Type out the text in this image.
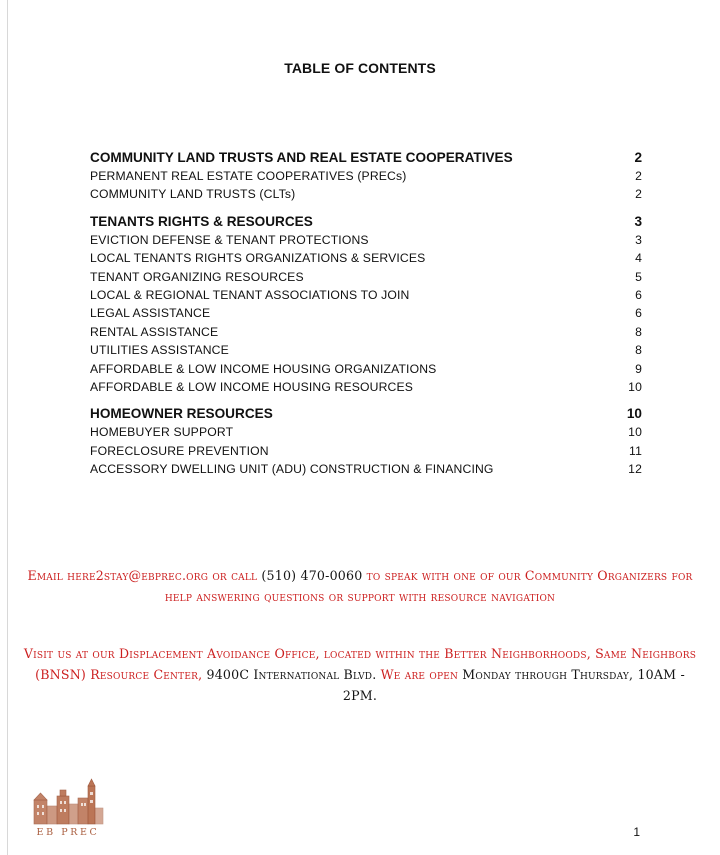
TABLE OF CONTENTS
COMMUNITY LAND TRUSTS AND REAL ESTATE COOPERATIVES	2
PERMANENT REAL ESTATE COOPERATIVES (PRECs)	2
COMMUNITY LAND TRUSTS (CLTs)	2
TENANTS RIGHTS & RESOURCES	3
EVICTION DEFENSE & TENANT PROTECTIONS	3
LOCAL TENANTS RIGHTS ORGANIZATIONS & SERVICES	4
TENANT ORGANIZING RESOURCES	5
LOCAL & REGIONAL TENANT ASSOCIATIONS TO JOIN	6
LEGAL ASSISTANCE	6
RENTAL ASSISTANCE	8
UTILITIES ASSISTANCE	8
AFFORDABLE & LOW INCOME HOUSING ORGANIZATIONS	9
AFFORDABLE & LOW INCOME HOUSING RESOURCES	10
HOMEOWNER RESOURCES	10
HOMEBUYER SUPPORT	10
FORECLOSURE PREVENTION	11
ACCESSORY DWELLING UNIT (ADU) CONSTRUCTION & FINANCING	12
Email here2stay@ebprec.org or call (510) 470-0060 to speak with one of our Community Organizers for help answering questions or support with resource navigation
Visit us at our Displacement Avoidance Office, located within the Better Neighborhoods, Same Neighbors (BNSN) Resource Center, 9400C International Blvd. We are open Monday through Thursday, 10AM - 2PM.
EB PREC	1
